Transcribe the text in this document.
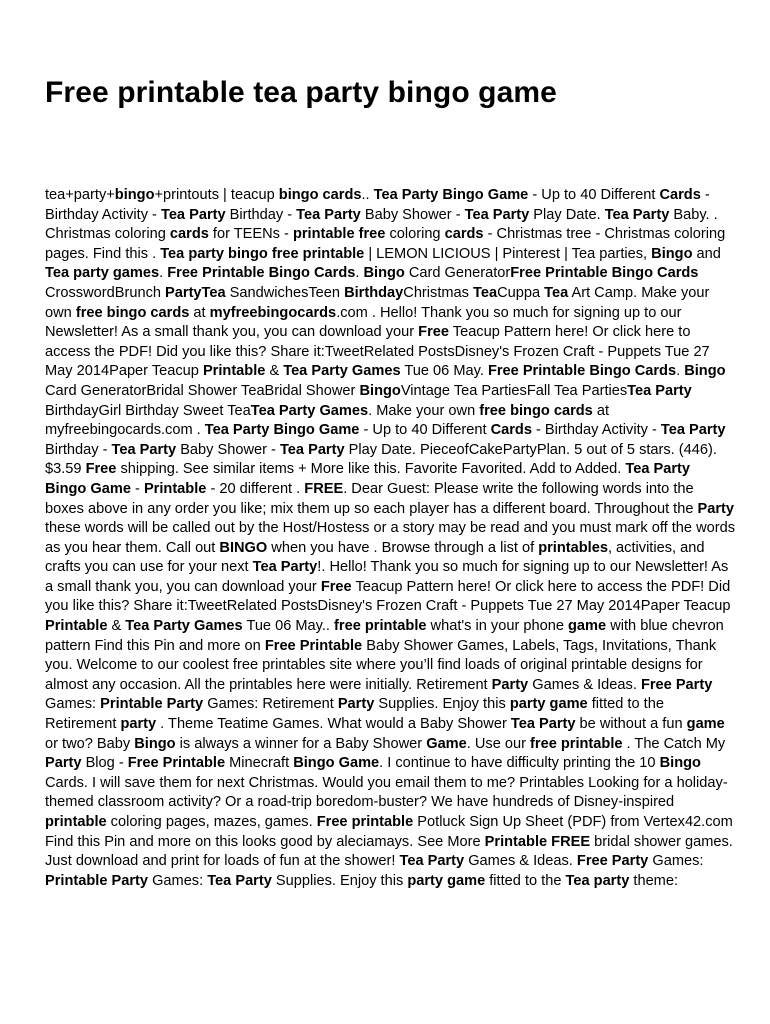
Free printable tea party bingo game

tea+party+bingo+printouts | teacup bingo cards.. Tea Party Bingo Game - Up to 40 Different Cards - Birthday Activity - Tea Party Birthday - Tea Party Baby Shower - Tea Party Play Date. Tea Party Baby. . Christmas coloring cards for TEENs - printable free coloring cards - Christmas tree - Christmas coloring pages. Find this . Tea party bingo free printable | LEMON LICIOUS | Pinterest | Tea parties, Bingo and Tea party games. Free Printable Bingo Cards. Bingo Card GeneratorFree Printable Bingo Cards CrosswordBrunch PartyTea SandwichesTeen BirthdayChristmas TeaCuppa Tea Art Camp. Make your own free bingo cards at myfreebingocards.com . Hello! Thank you so much for signing up to our Newsletter! As a small thank you, you can download your Free Teacup Pattern here! Or click here to access the PDF! Did you like this? Share it:TweetRelated PostsDisney's Frozen Craft - Puppets Tue 27 May 2014Paper Teacup Printable & Tea Party Games Tue 06 May. Free Printable Bingo Cards. Bingo Card GeneratorBridal Shower TeaBridal Shower BingoVintage Tea PartiesFall Tea PartiesTea Party BirthdayGirl Birthday Sweet TeaTea Party Games. Make your own free bingo cards at myfreebingocards.com . Tea Party Bingo Game - Up to 40 Different Cards - Birthday Activity - Tea Party Birthday - Tea Party Baby Shower - Tea Party Play Date. PieceofCakePartyPlan. 5 out of 5 stars. (446). $3.59 Free shipping. See similar items + More like this. Favorite Favorited. Add to Added. Tea Party Bingo Game - Printable - 20 different . FREE. Dear Guest: Please write the following words into the boxes above in any order you like; mix them up so each player has a different board. Throughout the Party these words will be called out by the Host/Hostess or a story may be read and you must mark off the words as you hear them. Call out BINGO when you have . Browse through a list of printables, activities, and crafts you can use for your next Tea Party!. Hello! Thank you so much for signing up to our Newsletter! As a small thank you, you can download your Free Teacup Pattern here! Or click here to access the PDF! Did you like this? Share it:TweetRelated PostsDisney's Frozen Craft - Puppets Tue 27 May 2014Paper Teacup Printable & Tea Party Games Tue 06 May.. free printable what's in your phone game with blue chevron pattern Find this Pin and more on Free Printable Baby Shower Games, Labels, Tags, Invitations, Thank you. Welcome to our coolest free printables site where you’ll find loads of original printable designs for almost any occasion. All the printables here were initially. Retirement Party Games & Ideas. Free Party Games: Printable Party Games: Retirement Party Supplies. Enjoy this party game fitted to the Retirement party . Theme Teatime Games. What would a Baby Shower Tea Party be without a fun game or two? Baby Bingo is always a winner for a Baby Shower Game. Use our free printable . The Catch My Party Blog - Free Printable Minecraft Bingo Game. I continue to have difficulty printing the 10 Bingo Cards. I will save them for next Christmas. Would you email them to me? Printables Looking for a holiday-themed classroom activity? Or a road-trip boredom-buster? We have hundreds of Disney-inspired printable coloring pages, mazes, games. Free printable Potluck Sign Up Sheet (PDF) from Vertex42.com Find this Pin and more on this looks good by aleciamays. See More Printable FREE bridal shower games. Just download and print for loads of fun at the shower! Tea Party Games & Ideas. Free Party Games: Printable Party Games: Tea Party Supplies. Enjoy this party game fitted to the Tea party theme:
